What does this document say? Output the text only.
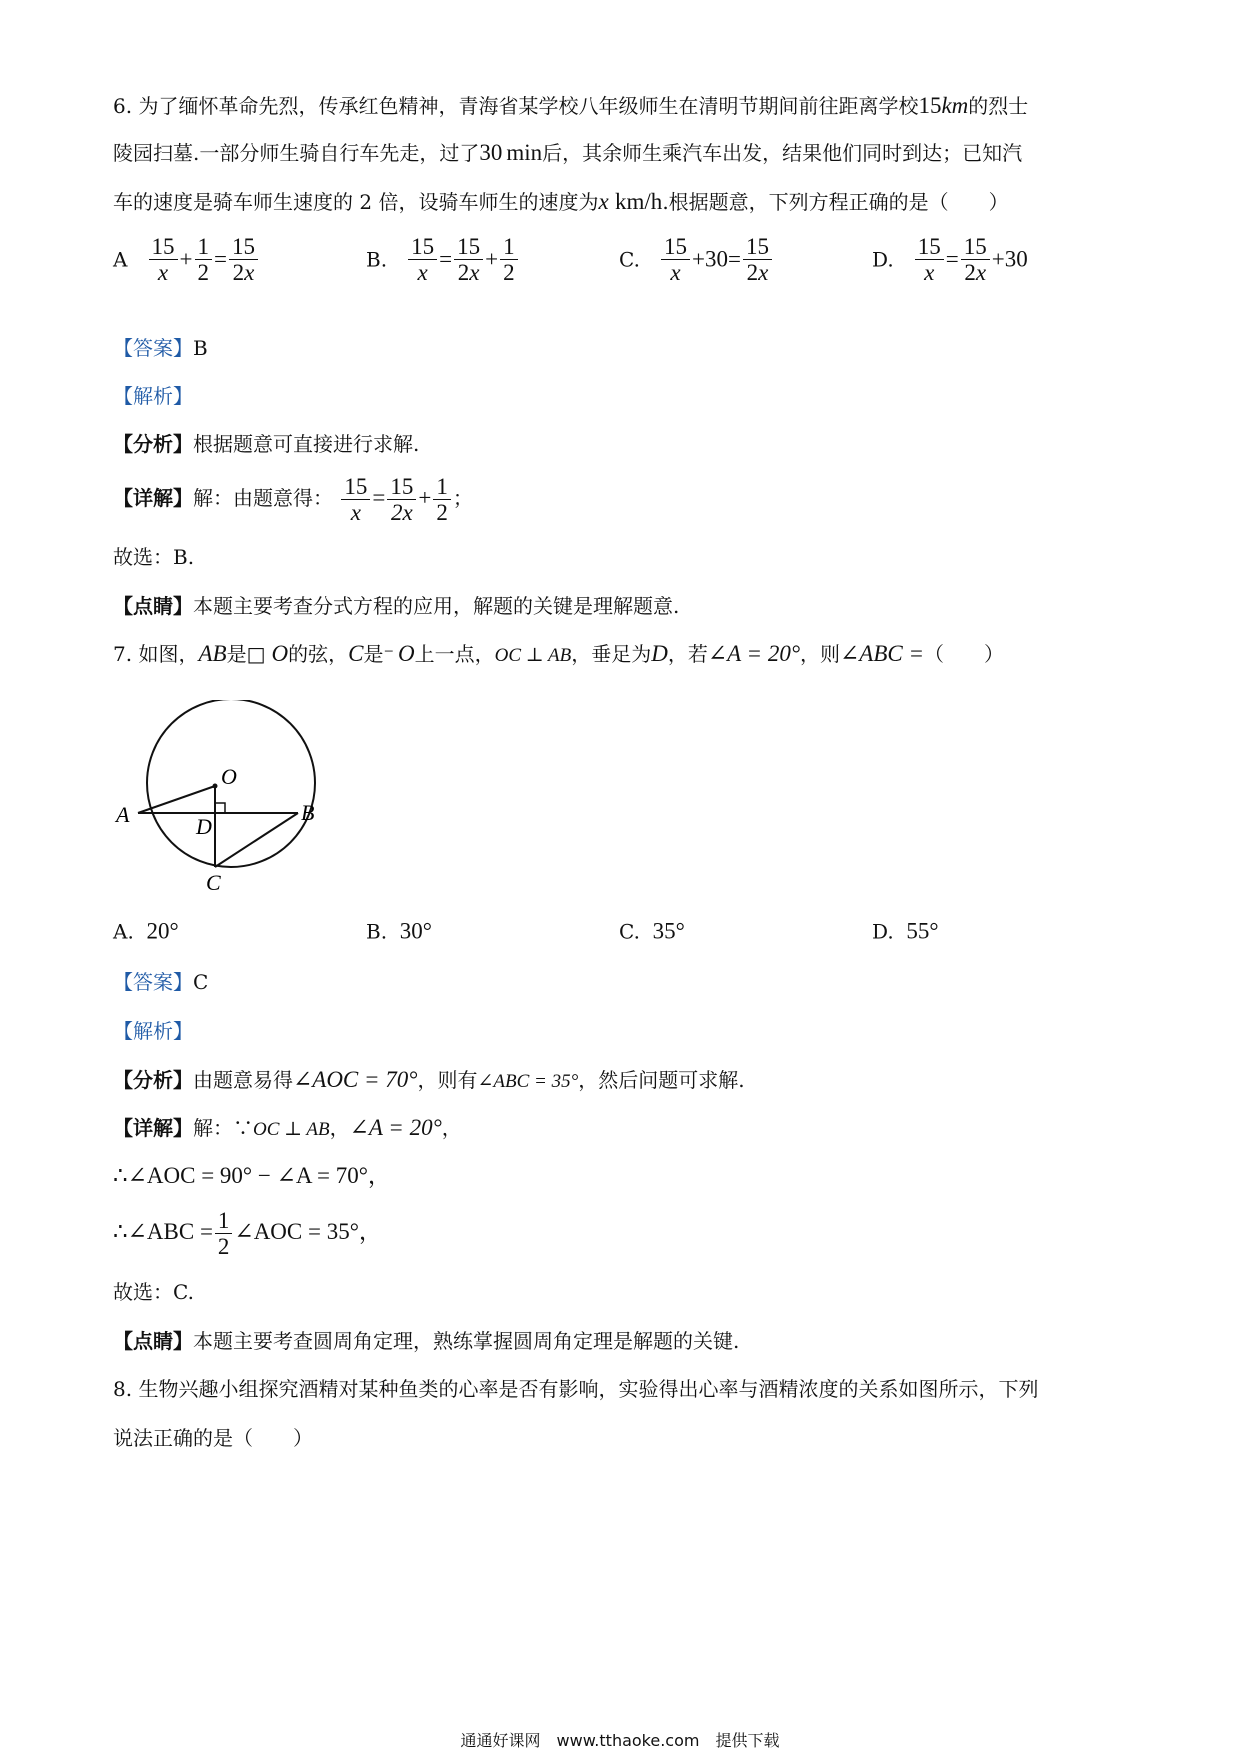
6. 为了缅怀革命先烈，传承红色精神，青海省某学校八年级师生在清明节期间前往距离学校15km的烈士
陵园扫墓.一部分师生骑自行车先走，过了30 min后，其余师生乘汽车出发，结果他们同时到达；已知汽
车的速度是骑车师生速度的 2 倍，设骑车师生的速度为x km/h.根据题意，下列方程正确的是（　　）
A $\frac{15}{x} + \frac{1}{2} = \frac{15}{2x}$	B. $\frac{15}{x} = \frac{15}{2x} + \frac{1}{2}$	C. $\frac{15}{x} +30= \frac{15}{2x}$	D. $\frac{15}{x} = \frac{15}{2x} +30$
【答案】B
【解析】
【分析】根据题意可直接进行求解.
【详解】解：由题意得： $\frac{15}{x} = \frac{15}{2x} + \frac{1}{2}$ ；
故选：B.
【点睛】本题主要考查分式方程的应用，解题的关键是理解题意.
7. 如图，AB是□ O的弦，C是⁻ O上一点，OC ⊥ AB，垂足为D，若∠A = 20°，则∠ABC =（　　）
O
A	B
D
C
A. 20°	B. 30°	C. 35°	D. 55°
【答案】C
【解析】
【分析】由题意易得∠AOC = 70°，则有∠ABC = 35°，然后问题可求解.
【详解】解：∵OC ⊥ AB，∠A = 20°，
∴∠AOC = 90° − ∠A = 70°，
∴∠ABC = $\frac{1}{2}$ ∠AOC = 35°，
故选：C.
【点睛】本题主要考查圆周角定理，熟练掌握圆周角定理是解题的关键.
8. 生物兴趣小组探究酒精对某种鱼类的心率是否有影响，实验得出心率与酒精浓度的关系如图所示，下列
说法正确的是（　　）
通通好课网　www.tthaoke.com　提供下载
